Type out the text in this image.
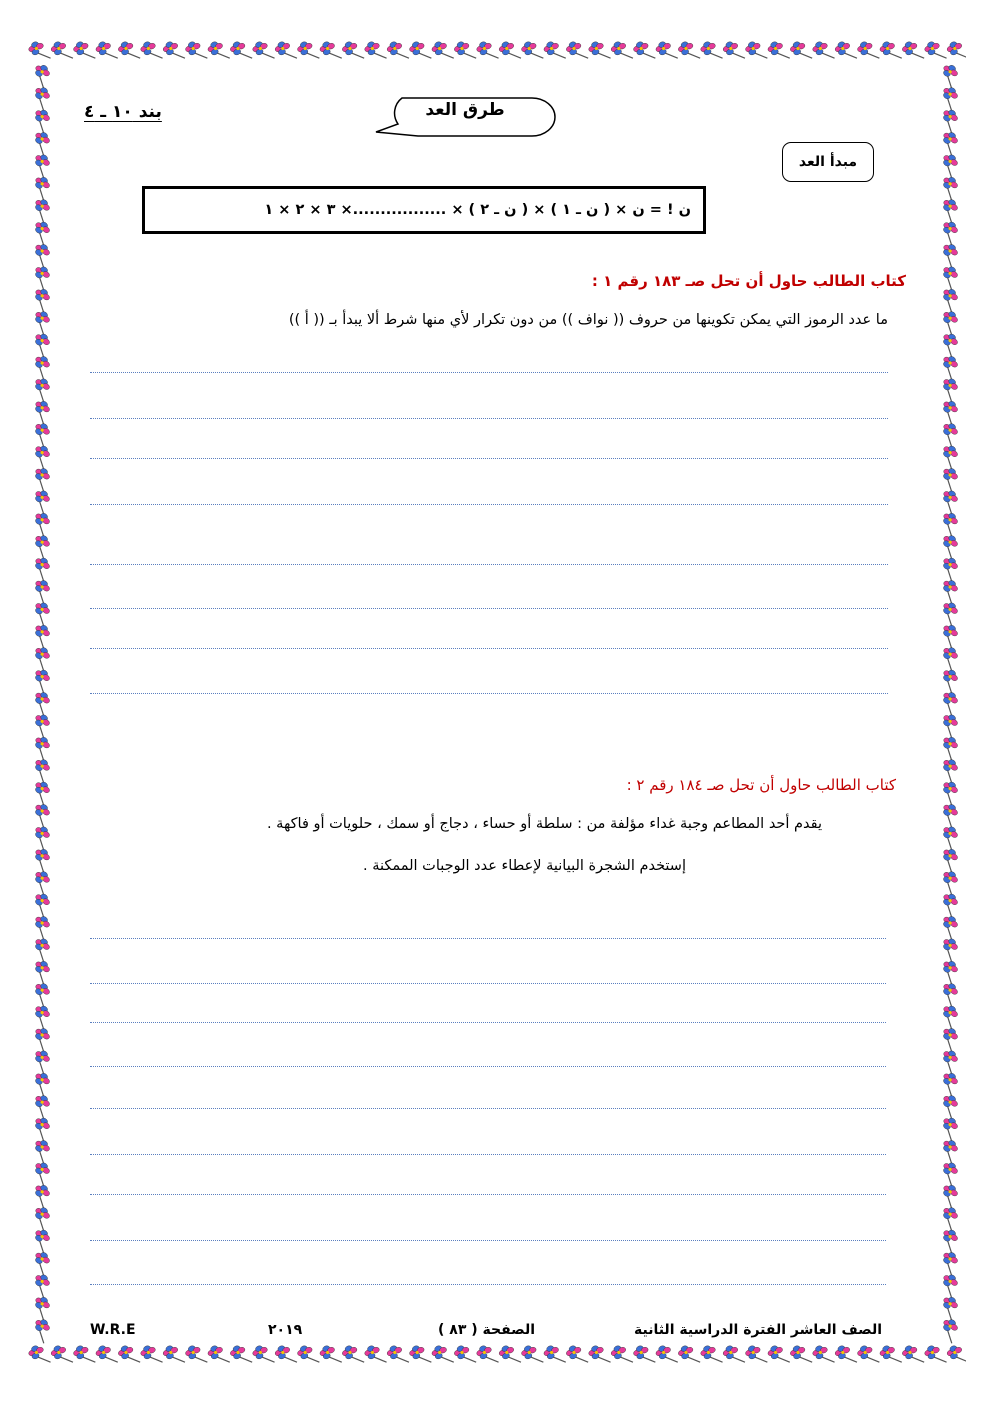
بند ١٠ ـ ٤	طرق العد
مبدأ العد
ن ! = ن × ( ن ـ ١ ) × ( ن ـ ٢ ) × .................× ٣ × ٢ × ١
كتاب الطالب حاول أن تحل صـ ١٨٣ رقم ١ :
ما عدد الرموز التي يمكن تكوينها من حروف (( نواف )) من دون تكرار لأي منها شرط ألا يبدأ بـ (( أ ))
كتاب الطالب حاول أن تحل صـ ١٨٤ رقم ٢ :
يقدم أحد المطاعم وجبة غداء مؤلفة من : سلطة أو حساء ، دجاج أو سمك ، حلويات أو فاكهة .
إستخدم الشجرة البيانية لإعطاء عدد الوجبات الممكنة .
الصف العاشر الفترة الدراسية الثانية
الصفحة ( ٨٣ )
٢٠١٩
W.R.E
